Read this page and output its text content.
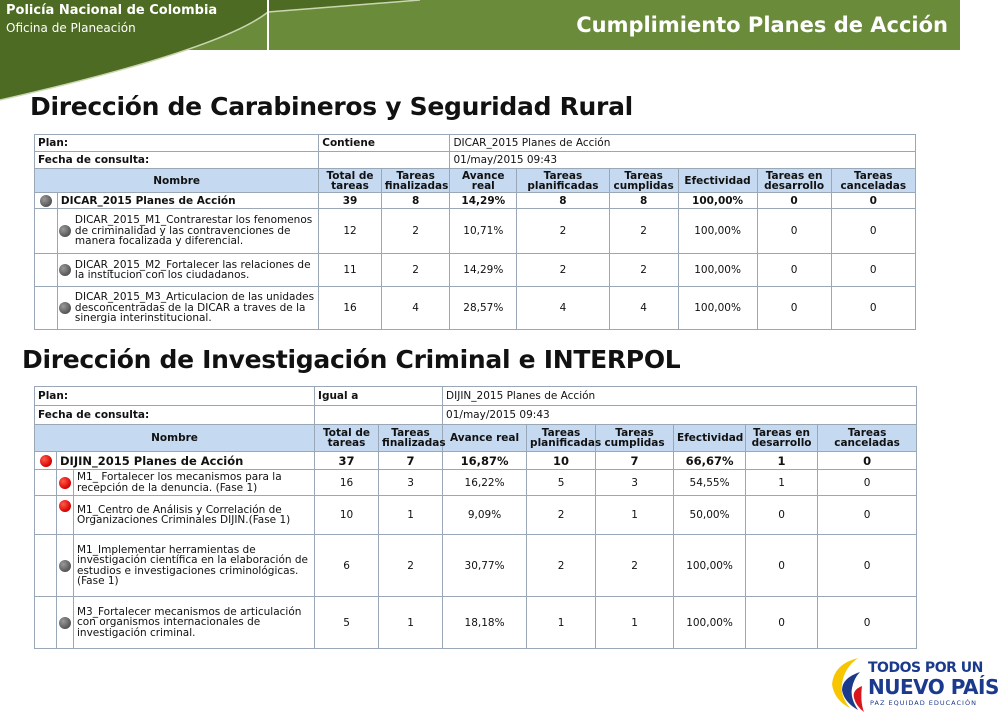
Policía Nacional de Colombia
Oficina de Planeación	Cumplimiento Planes de Acción
Dirección de Carabineros y Seguridad Rural
Plan:		Contiene		DICAR_2015 Planes de Acción					
Fecha de consulta:				01/may/2015 09:43					
Nombre		Total de tareas	Tareas finalizadas	Avance real	Tareas planificadas	Tareas cumplidas	Efectividad	Tareas en desarrollo	Tareas canceladas
	DICAR_2015 Planes de Acción	39	8	14,29%	8	8	100,00%	0	0

	DICAR_2015_M1_Contrarestar los fenomenos de criminalidad y las contravenciones de manera focalizada y diferencial.	12	2	10,71%	2	2	100,00%	0	0

	DICAR_2015_M2_Fortalecer las relaciones de la institucion con los ciudadanos.	11	2	14,29%	2	2	100,00%	0	0

	DICAR_2015_M3_Articulacion de las unidades desconcentradas de la DICAR a traves de la sinergia interinstitucional.	16	4	28,57%	4	4	100,00%	0	0
Dirección de Investigación Criminal e INTERPOL
Plan:			Igual a		DIJIN_2015 Planes de Acción					
Fecha de consulta:					01/may/2015 09:43					
Nombre			Total de tareas	Tareas finalizadas	Avance real	Tareas planificadas	Tareas cumplidas	Efectividad	Tareas en desarrollo	Tareas canceladas
	DIJIN_2015 Planes de Acción		37	7	16,87%	10	7	66,67%	1	0
		M1_ Fortalecer los mecanismos para la recepción de la denuncia. (Fase 1)	16	3	16,22%	5	3	54,55%	1	0
		M1_Centro de Análisis y Correlación de Organizaciones Criminales DIJIN.(Fase 1)	10	1	9,09%	2	1	50,00%	0	0
		M1_Implementar herramientas de investigación científica en la elaboración de estudios e investigaciones criminológicas. (Fase 1)	6	2	30,77%	2	2	100,00%	0	0
		M3_Fortalecer mecanismos de articulación con organismos internacionales de investigación criminal.	5	1	18,18%	1	1	100,00%	0	0
TODOS POR UN
NUEVO PAÍS
PAZ EQUIDAD EDUCACIÓN
